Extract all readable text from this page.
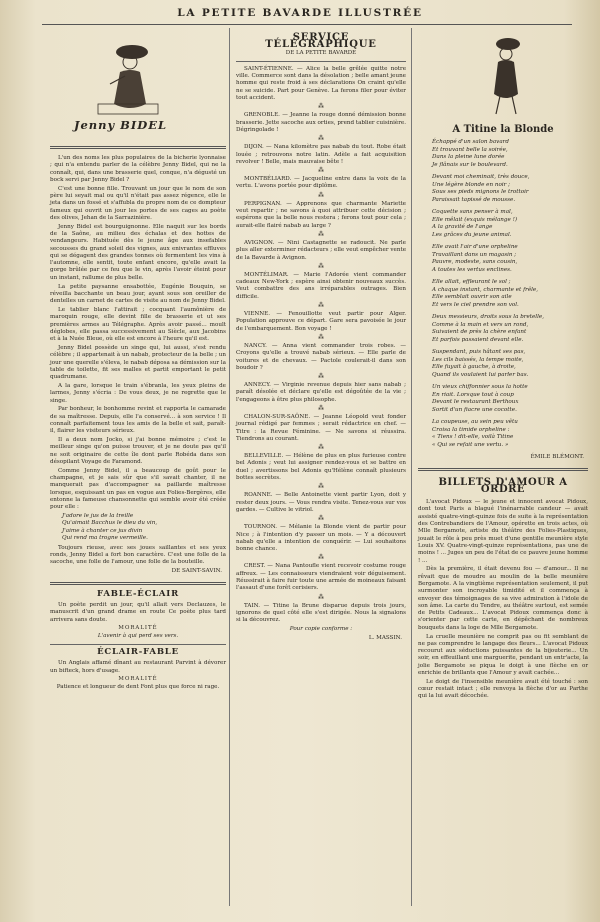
LA PETITE BAVARDE ILLUSTRÉE
Jenny BIDEL

L'un des noms les plus populaires de la bicherie lyonnaise ; qui n'a entendu parler de la célèbre Jenny Bidel, qui ne la connaît, qui, dans une brasserie quel, conque, n'a dégusté un bock servi par Jenny Bidel ?

C'est une bonne fille. Trouvant un jour que le nom de son père lui seyait mal ou qu'il n'était pas assez régence, elle le jeta dans un fossé et s'affubla du propre nom de ce dompteur fameux qui ouvrit un jour les portes de ses cages au poète des olives, Jehan de la Sarrazinière.

Jenny Bidel est bourguignonne. Elle naquit sur les bords de la Saône, au milieu des échalas et des hottes de vendangeurs. Habituée dès le jeune âge aux insefables secousses du grand soleil des vignes, aux enivrantes effluves qui se dégagent des grandes tonnes où fermentent les vins à l'automne, elle sentit, toute enfant encore, qu'elle avait la gorge brûlée par ce feu que le vin, après l'avoir éteint pour un instant, rallume de plus belle.

La petite paysanne ensabottée, Eugénie Bouquin, se réveilla bacchante un beau jour, ayant sous son oreiller de dentelles un carnet de cartes de visite au nom de Jenny Bidel.

Le tablier blanc l'attirait ; cocquant l'aumônière de maroquin rouge, elle devint fille de brasserie et ut ses premières armes au Télégraphe. Après avoir passé... moult déglobes, elle passa successivement au Siècle, aux Jacobins et à la Nuée Bleue, où elle est encore à l'heure qu'il est.

Jenny Bidel possède un singe qui, lui aussi, s'est rendu célèbre ; il appartenait à un nabab, protecteur de la belle ; un jour une querelle s'éleva, le nabab déposa sa démission sur la table de toilette, fit ses malles et partit emportant le petit quadrumane.

A la gare, lorsque le train s'ébranla, les yeux pleins de larmes, Jenny s'écria : De vous deux, je ne regrette que le singe.

Par bonheur, le bonhomme revint et rapporta le camarade de sa maîtresse. Depuis, elle l'a conservé... à son service ! Il connaît parfaitement tous les amis de la belle et sait, paraît-il, flairer les visiteurs sérieux.

Il a deux nom Jocko, si j'ai bonne mémoire ; c'est le meilleur singe qu'on puisse trouver, et je ne doute pas qu'il ne soit originaire de cette île dont parle Robéda dans son désopilant Voyage de Faramond.

Comme Jenny Bidel, il a beaucoup de goût pour le champagne, et je sais sûr que s'il savait chanter, il ne manquerait pas d'accompagner sa paillarde maîtresse lorsque, esquissant un pas en vogue aux Folies-Bergères, elle entonne la fameuse chansonnette qui semble avoir été créée pour elle :

J'adore le jus de la treille
Qu'aimait Bacchus le dieu du vin,
J'aime à chanter ce jus divin
Qui rend ma trogne vermeille.

Toujours rieuse, avec ses joues saillantes et ses yeux ronds, Jenny Bidel a fort bon caractère. C'est une folle de la sacoche, une folle de l'amour, une folle de la bouteille.

DE SAINT-SAVIN.
FABLE-ÉCLAIR

Un poète perdit un jour, qu'il allait vers Declauzes, le manuscrit d'un grand drame en route Ce poète plus tard arrivera sans doute.

MORALITÉ
L'avenir à qui perd ses vers.
ÉCLAIR-FABLE

Un Anglais affamé dînant au restaurant Parvint à dévorer un bifteck, hors d'usage.

MORALITÉ
Patience et longueur de dent Font plus que force ni rage.
SERVICE TÉLÉGRAPHIQUE
DE LA PETITE BAVARDE

SAINT-ÉTIENNE. — Alice la belle grêlée quitte notre ville. Commerce sont dans la désolation ; belle amant jeune homme qui reste froid à ses déclarations On craint qu'elle ne se suicide. Part pour Genève. La ferons filer pour éviter tout accident.

⁂

GRENOBLE. — Jeanne la rouge donné démission bonne brasserie. Jette sacoche aux orties, prend tablier cuisinière. Dégringolade !

⁂

DIJON. — Nana kilomètre pas nabab du tout. Robe était louée ; retrouvons notre latin. Adèle a fait acquisition revolver ! Belle, mais mauvaise bête !

⁂

MONTBÉLIARD. — Jacqueline entre dans la voix de la vertu. L'avons portée pour diplôme.

⁂

PERPIGNAN. — Apprenons que charmante Mariette veut repartir ; ne savons à quoi attribuer cette décision ; espérons que la belle nous restera ; ferons tout pour cela ; aurait-elle flairé nabab au large ?

⁂

AVIGNON. — Nini Castagnette se radoucit. Ne parle plus aller exterminer rédacteurs ; elle veut empêcher vente de la Bavarde à Avignon.

⁂

MONTÉLIMAR. — Marie l'Adorée vient commander cadeaux New-York ; espère ainsi obtenir nouveaux succès. Veut combattre des ans irréparables outrages. Bien difficile.

⁂

VIENNE. — Fenouillotte veut partir pour Alger. Population approuve ce départ. Gare sera pavoisée le jour de l'embarquement. Bon voyage !

⁂

NANCY. — Anna vient commander trois robes. — Croyons qu'elle a trouvé nabab sérieux. — Elle parle de voitures et de chevaux. — Pactole coulerait-il dans son boudoir ?

⁂

ANNECY. — Virginie revenue depuis hier sans nabab ; paraît désolée et déclare qu'elle est dégoûtée de la vie ; l'engageons à être plus philosophe.

⁂

CHALON-SUR-SAÔNE. — Jeanne Léopold veut fonder journal rédigé par femmes ; serait rédactrice en chef. — Titre : la Revue Féminine. — Ne savons si réussira. Tiendrons au courant.

⁂

BELLEVILLE. — Hélène de plus en plus furieuse contre bel Adonis ; veut lui assigner rendez-vous et se battre en duel ; avertissons bel Adonis qu'Hélène connaît plusieurs bottes secrètes.

⁂

ROANNE. — Belle Antoinette vient partir Lyon, doit y rester deux jours. — Vous rendra visite. Tenez-vous sur vos gardes. — Cultive le vitriol.

⁂

TOURNON. — Mélanie la Blonde vient de partir pour Nice ; à l'intention d'y passer un mois. — Y a découvert nabab qu'elle a intention de conquérir. — Lui souhaitons bonne chance.

⁂

CREST. — Nana Pantoufle vient recevoir costume rouge affreux. — Les connaisseurs viendraient voir déguisement. Réussirait à faire fuir toute une armée de moineaux faisant l'assaut d'une forêt cerisiers.

⁂

TAIN. — Titine la Brune disparue depuis trois jours, ignorons de quel côté elle s'est dirigée. Nous la signalons si la découvrez.

Pour copie conforme :
L. MASSIN.
A Titine la Blonde
Échappé d'un salon bavard
Et trouvant belle la soirée,
Dans la pleine lune dorée
Je flânais sur le boulevard.
Devant moi cheminait, très douce,
Une légère blonde en noir ;
Sous ses pieds mignons le trottoir
Paraissait tapissé de mousse.
Coquette sans penser à mal,
Elle mêlait (exquis mélange !)
A la gravité de l'ange
Les grâces du jeune animal.
Elle avait l'air d'une orpheline
Travaillant dans un magasin ;
Pauvre, modeste, sans cousin,
A toutes les vertus enclines.
Elle allait, effleurant le sol ;
A chaque instant, charmante et frêle,
Elle semblait ouvrir son aile
Et vers le ciel prendre son vol.
Deux messieurs, droits sous la bretelle,
Comme à la main et vers un rond,
Suivaient de près la chère enfant
Et parfois passaient devant elle.
Suspendant, puis hâtant ses pas,
Les cils baissés, la tempe moite,
Elle fuyait à gauche, à droite,
Quand ils voulaient lui parler bas.
Un vieux chiffonnier sous la hotte
En riait. Lorsque tout à coup
Devant le restaurant Berthoux
Sortit d'un fiacre une cocotte.
La coupeuse, au sein peu vêtu
Croisa la timide orpheline :
« Tiens ! dit-elle, voilà Titine
« Qui se refait une vertu. »
ÉMILE BLÉMONT.
BILLETS D'AMOUR A ORDRE

L'avocat Pidoux — le jeune et innocent avocat Pidoux, dont tout Paris a blagué l'inénarrable candeur — avait assisté quatre-vingt-quinze fois de suite à la représentation des Contrebandiers de l'Amour, opérette en trois actes, où Mlle Bergamote, artiste du théâtre des Folies-Plastiques, jouait le rôle à peu près muet d'une gentille meunière style Louis XV. Quatre-vingt-quinze représentations, pas une de moins ! ... Juges un peu de l'état de ce pauvre jeune homme ! ...

Dès la première, il était devenu fou — d'amour... Il ne rêvait que de moudre au moulin de la belle meunière Bergamote. A la vingtième représentation seulement, il put surmonter son incroyable timidité et il commença à envoyer des témoignages de sa vive admiration à l'idole de son âme. La carte du Tendre, au théâtre surtout, est semée de Petits Cadeaux... L'avocat Pidoux commença donc à s'orienter par cette carte, en dépêchant de nombreux bouquets dans la loge de Mlle Bergamote.

La cruelle meunière ne comprit pas ou fit semblant de ne pas comprendre le langage des fleurs... L'avocat Pidoux recourut aux séductions puissantes de la bijouterie... Un soir, en effeuillant une marguerite, pendant un entr'acte, la jolie Bergamote se piqua le doigt à une flèche en or enrichie de brillants que l'Amour y avait cachée...

Le doigt de l'insensible meunière avait été touché : son cœur restait intact ; elle renvoya la flèche d'or au Parthe qui la lui avait décochée.
